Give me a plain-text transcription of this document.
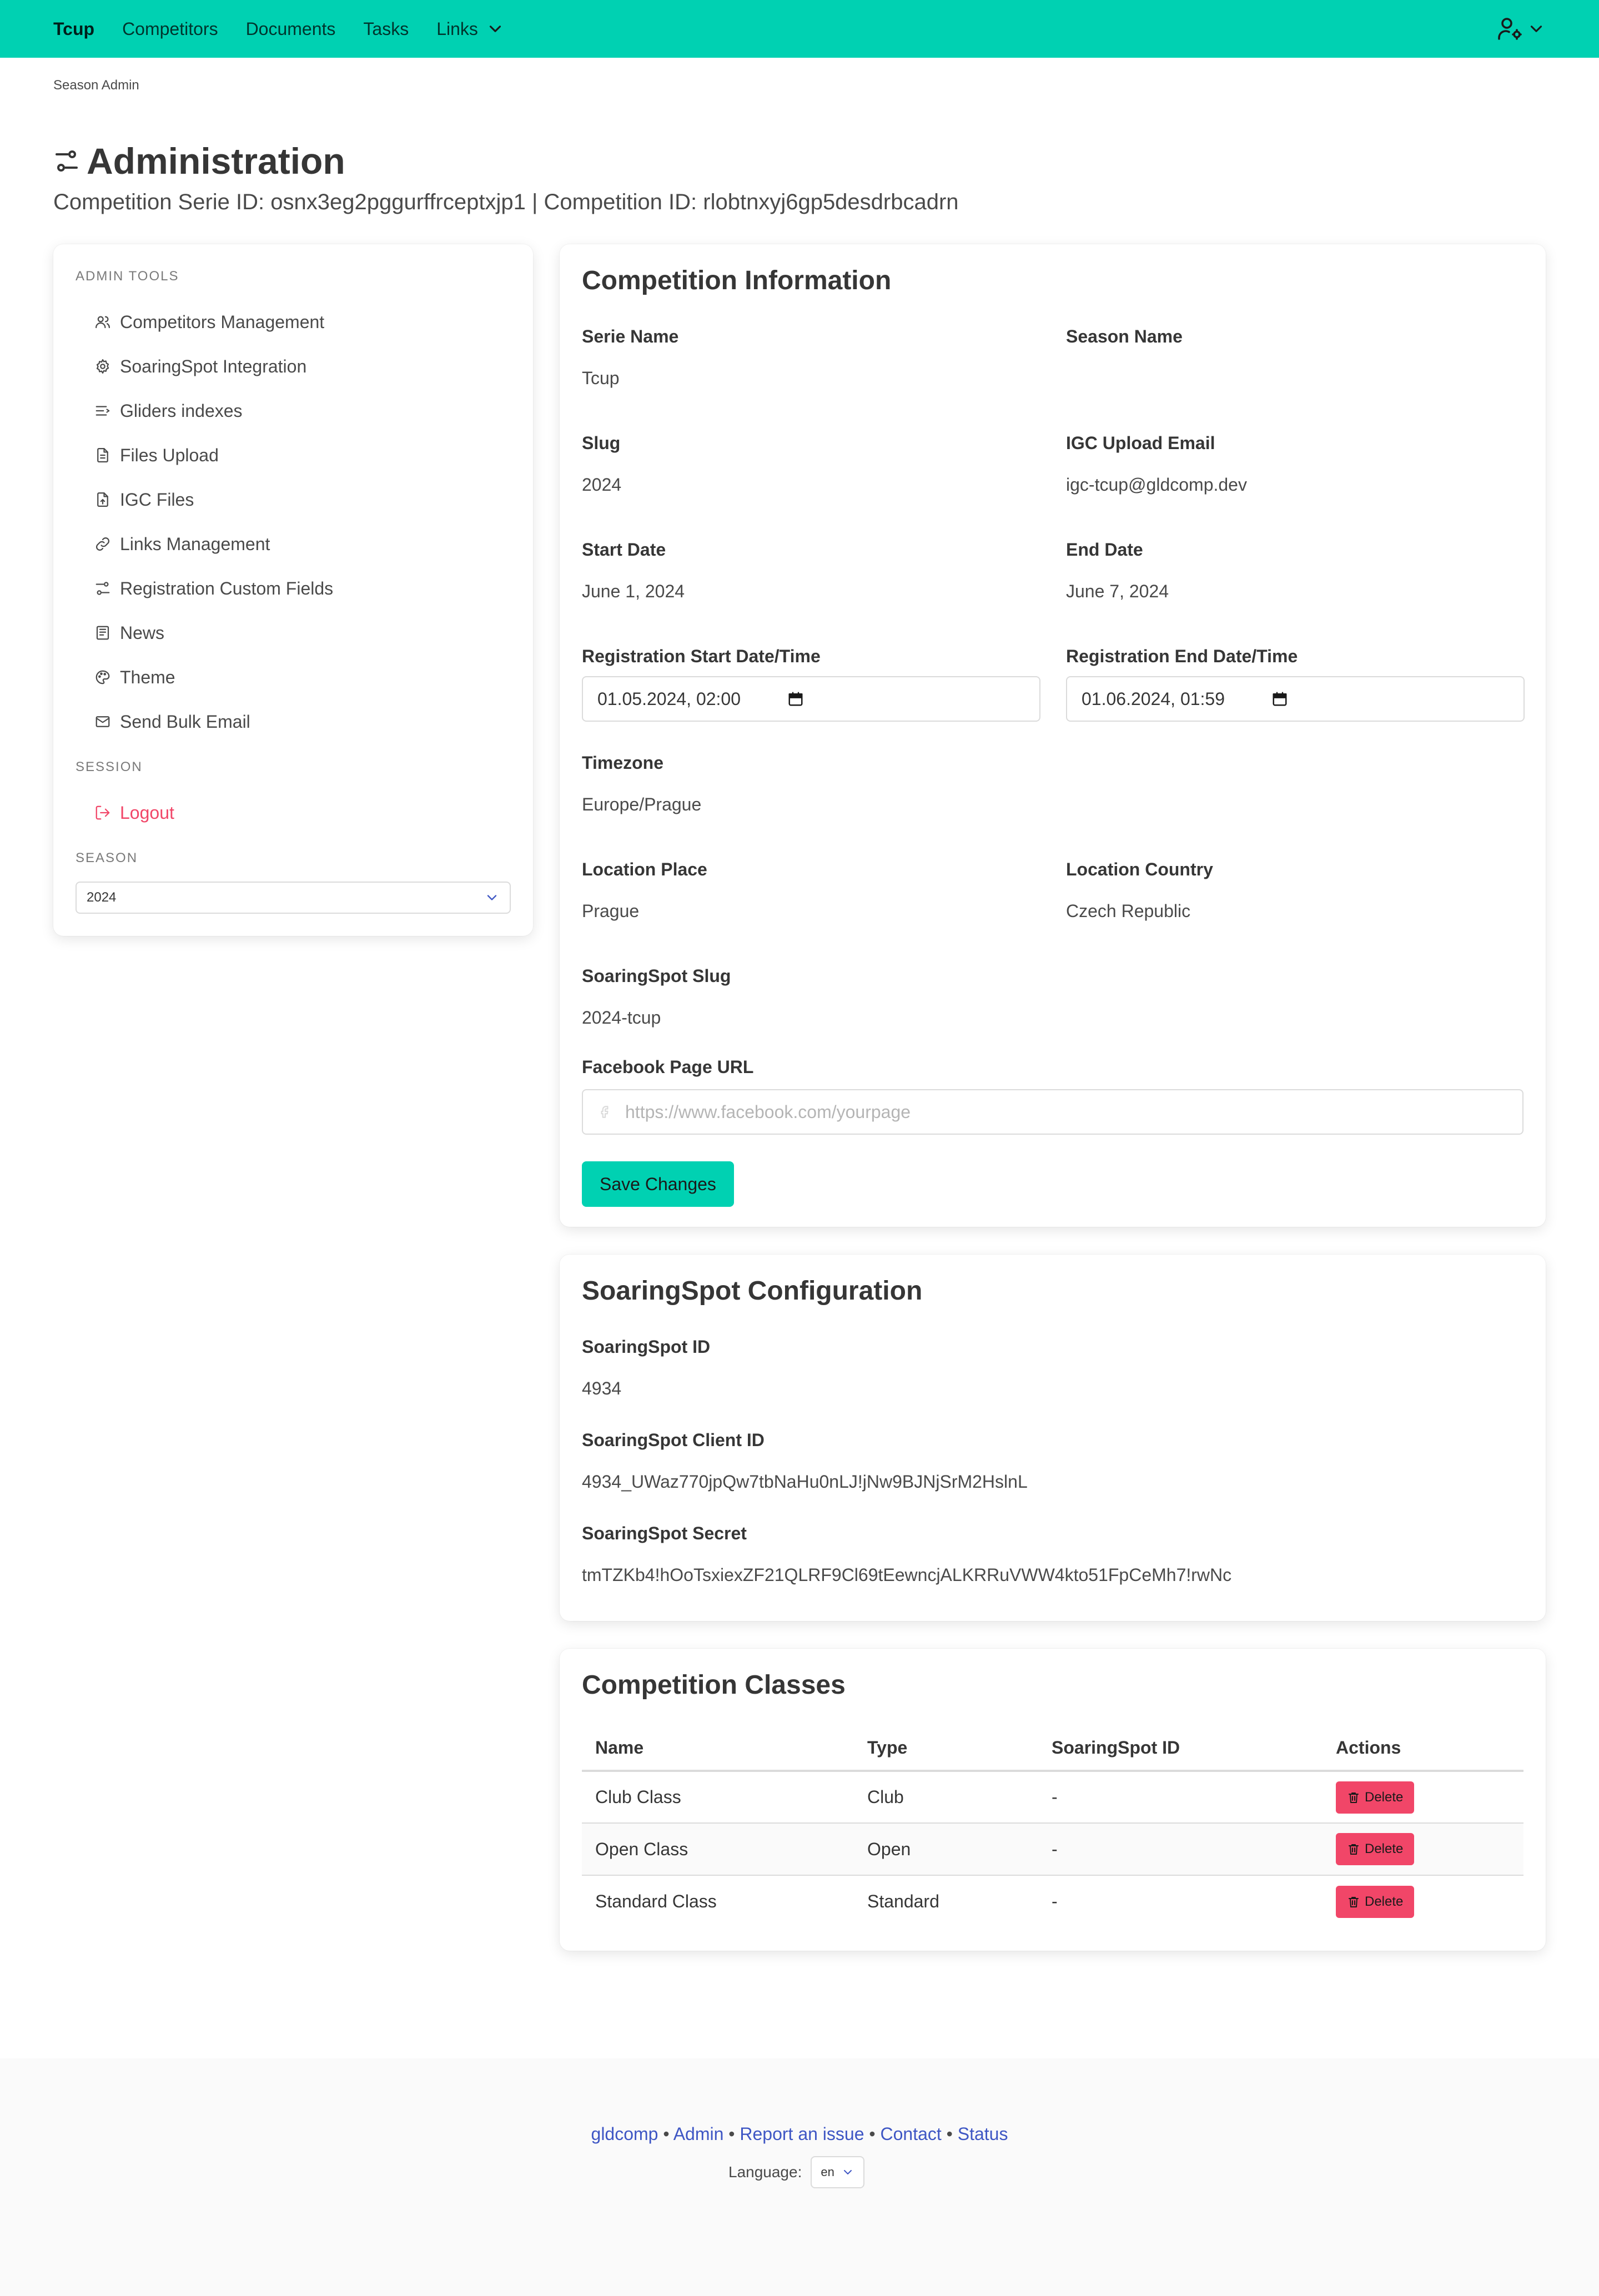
Tcup Competitors Documents Tasks Links
Season Admin
Administration
Competition Serie ID: osnx3eg2pggurffrceptxjp1 | Competition ID: rlobtnxyj6gp5desdrbcadrn
ADMIN TOOLS
Competitors Management
SoaringSpot Integration
Gliders indexes
Files Upload
IGC Files
Links Management
Registration Custom Fields
News
Theme
Send Bulk Email
SESSION
Logout
SEASON
2024
Competition Information
Serie Name
Tcup
Season Name
Slug
2024
IGC Upload Email
igc-tcup@gldcomp.dev
Start Date
June 1, 2024
End Date
June 7, 2024
Registration Start Date/Time
01.05.2024, 02:00
Registration End Date/Time
01.06.2024, 01:59
Timezone
Europe/Prague
Location Place
Prague
Location Country
Czech Republic
SoaringSpot Slug
2024-tcup
Facebook Page URL
https://www.facebook.com/yourpage
Save Changes
SoaringSpot Configuration
SoaringSpot ID
4934
SoaringSpot Client ID
4934_UWaz770jpQw7tbNaHu0nLJ!jNw9BJNjSrM2HslnL
SoaringSpot Secret
tmTZKb4!hOoTsxiexZF21QLRF9Cl69tEewncjALKRRuVWW4kto51FpCeMh7!rwNc
Competition Classes
Name	Type	SoaringSpot ID	Actions
Club Class	Club	-	Delete

Open Class	Open	-	Delete

Standard Class	Standard	-	Delete
gldcomp • Admin • Report an issue • Contact • Status
Language: en
